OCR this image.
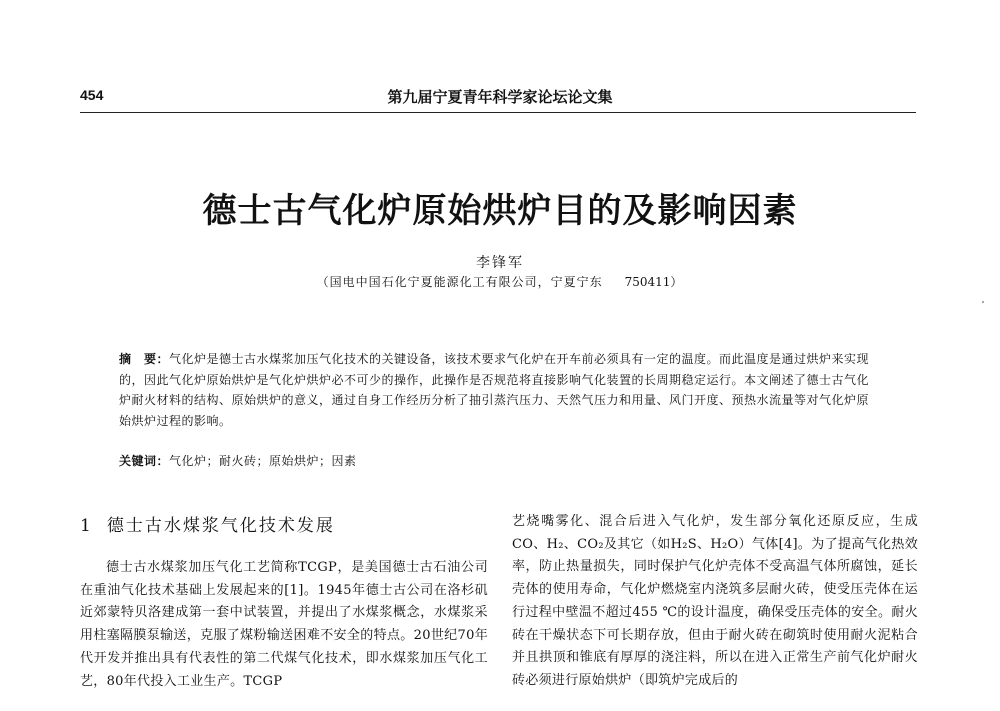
454	第九届宁夏青年科学家论坛论文集
德士古气化炉原始烘炉目的及影响因素
李锋军
（国电中国石化宁夏能源化工有限公司，宁夏宁东 750411）
摘　要：气化炉是德士古水煤浆加压气化技术的关键设备，该技术要求气化炉在开车前必须具有一定的温度。而此温度是通过烘炉来实现的，因此气化炉原始烘炉是气化炉烘炉必不可少的操作，此操作是否规范将直接影响气化装置的长周期稳定运行。本文阐述了德士古气化炉耐火材料的结构、原始烘炉的意义，通过自身工作经历分析了抽引蒸汽压力、天然气压力和用量、风门开度、预热水流量等对气化炉原始烘炉过程的影响。
关键词：气化炉；耐火砖；原始烘炉；因素
1 德士古水煤浆气化技术发展
德士古水煤浆加压气化工艺简称TCGP，是美国德士古石油公司在重油气化技术基础上发展起来的[1]。1945年德士古公司在洛杉矶近郊蒙特贝洛建成第一套中试装置，并提出了水煤浆概念，水煤浆采用柱塞隔膜泵输送，克服了煤粉输送困难不安全的特点。20世纪70年代开发并推出具有代表性的第二代煤气化技术，即水煤浆加压气化工艺，80年代投入工业生产。TCGP
艺烧嘴雾化、混合后进入气化炉，发生部分氧化还原反应，生成CO、H₂、CO₂及其它（如H₂S、H₂O）气体[4]。为了提高气化热效率，防止热量损失，同时保护气化炉壳体不受高温气体所腐蚀，延长壳体的使用寿命，气化炉燃烧室内浇筑多层耐火砖，使受压壳体在运行过程中壁温不超过455 ℃的设计温度，确保受压壳体的安全。耐火砖在干燥状态下可长期存放，但由于耐火砖在砌筑时使用耐火泥粘合并且拱顶和锥底有厚厚的浇注料，所以在进入正常生产前气化炉耐火砖必须进行原始烘炉（即筑炉完成后的
